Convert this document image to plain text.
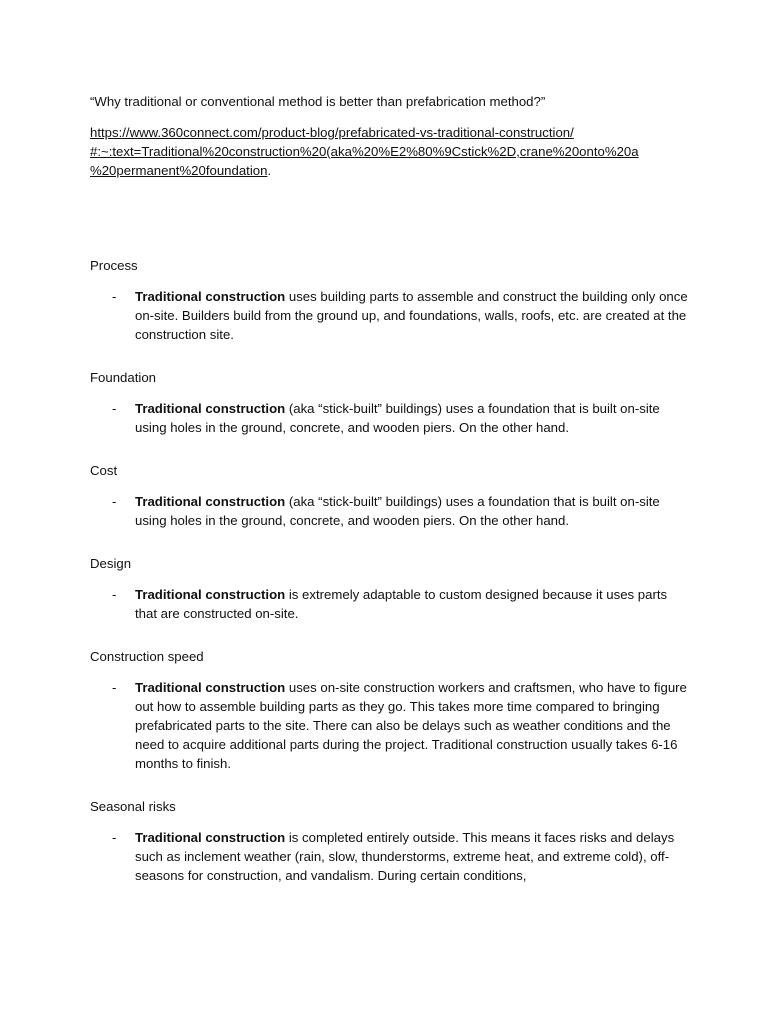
“Why traditional or conventional method is better than prefabrication method?”

https://www.360connect.com/product-blog/prefabricated-vs-traditional-construction/
#:~:text=Traditional%20construction%20(aka%20%E2%80%9Cstick%2D,crane%20onto%20a
%20permanent%20foundation.

Process

-	Traditional construction uses building parts to assemble and construct the building only once on-site. Builders build from the ground up, and foundations, walls, roofs, etc. are created at the construction site.

Foundation

-	Traditional construction (aka “stick-built” buildings) uses a foundation that is built on-site using holes in the ground, concrete, and wooden piers. On the other hand.

Cost

-	Traditional construction (aka “stick-built” buildings) uses a foundation that is built on-site using holes in the ground, concrete, and wooden piers. On the other hand.

Design

-	Traditional construction is extremely adaptable to custom designed because it uses parts that are constructed on-site.

Construction speed

-	Traditional construction uses on-site construction workers and craftsmen, who have to figure out how to assemble building parts as they go. This takes more time compared to bringing prefabricated parts to the site. There can also be delays such as weather conditions and the need to acquire additional parts during the project. Traditional construction usually takes 6-16 months to finish.

Seasonal risks

-	Traditional construction is completed entirely outside. This means it faces risks and delays such as inclement weather (rain, slow, thunderstorms, extreme heat, and extreme cold), off-seasons for construction, and vandalism. During certain conditions,
